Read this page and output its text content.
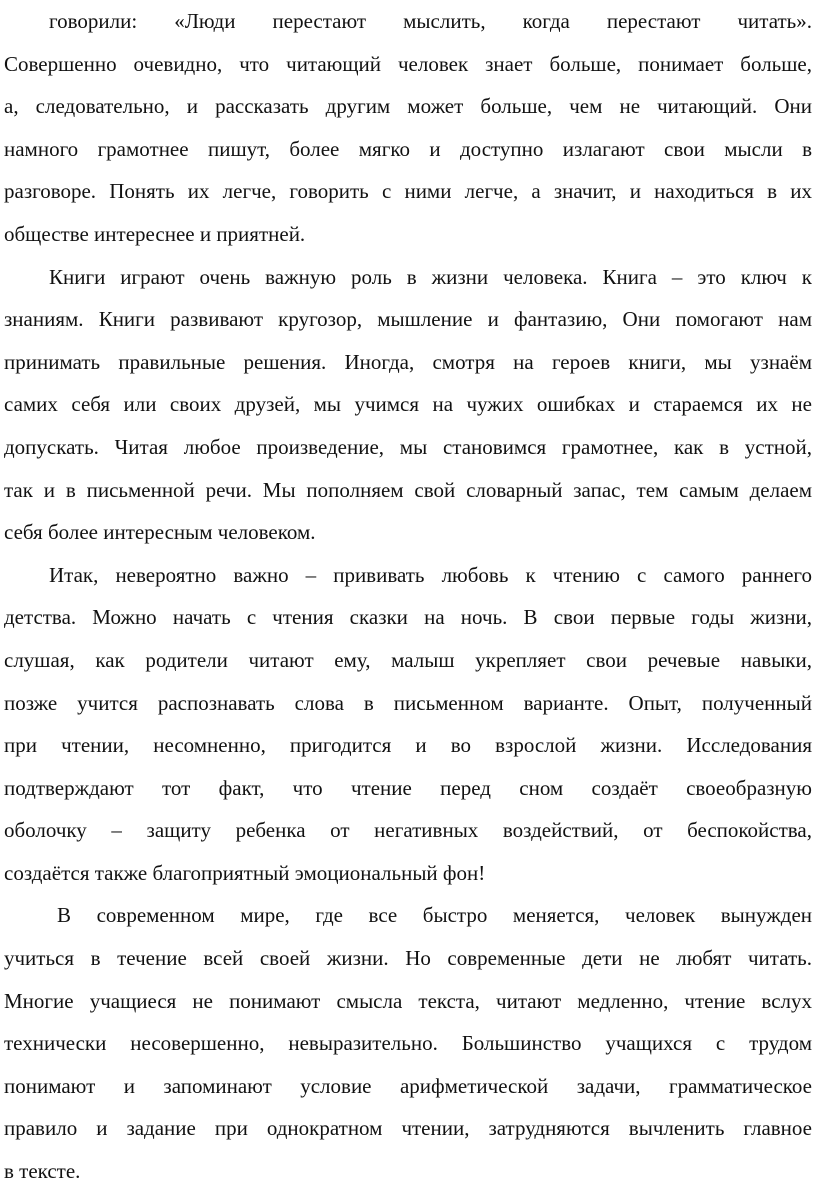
говорили: «Люди перестают мыслить, когда перестают читать».
Совершенно очевидно, что читающий человек знает больше, понимает больше,
а, следовательно, и рассказать другим может больше, чем не читающий. Они
намного грамотнее пишут, более мягко и доступно излагают свои мысли в
разговоре. Понять их легче, говорить с ними легче, а значит, и находиться в их
обществе интереснее и приятней.
Книги играют очень важную роль в жизни человека. Книга – это ключ к
знаниям. Книги развивают кругозор, мышление и фантазию, Они помогают нам
принимать правильные решения. Иногда, смотря на героев книги, мы узнаём
самих себя или своих друзей, мы учимся на чужих ошибках и стараемся их не
допускать. Читая любое произведение, мы становимся грамотнее, как в устной,
так и в письменной речи. Мы пополняем свой словарный запас, тем самым делаем
себя более интересным человеком.
Итак, невероятно важно – прививать любовь к чтению с самого раннего
детства. Можно начать с чтения сказки на ночь. В свои первые годы жизни,
слушая, как родители читают ему, малыш укрепляет свои речевые навыки,
позже учится распознавать слова в письменном варианте. Опыт, полученный
при чтении, несомненно, пригодится и во взрослой жизни. Исследования
подтверждают тот факт, что чтение перед сном создаёт своеобразную
оболочку – защиту ребенка от негативных воздействий, от беспокойства,
создаётся также благоприятный эмоциональный фон!
В современном мире, где все быстро меняется, человек вынужден
учиться в течение всей своей жизни. Но современные дети не любят читать.
Многие учащиеся не понимают смысла текста, читают медленно, чтение вслух
технически несовершенно, невыразительно. Большинство учащихся с трудом
понимают и запоминают условие арифметической задачи, грамматическое
правило и задание при однократном чтении, затрудняются вычленить главное
в тексте.
